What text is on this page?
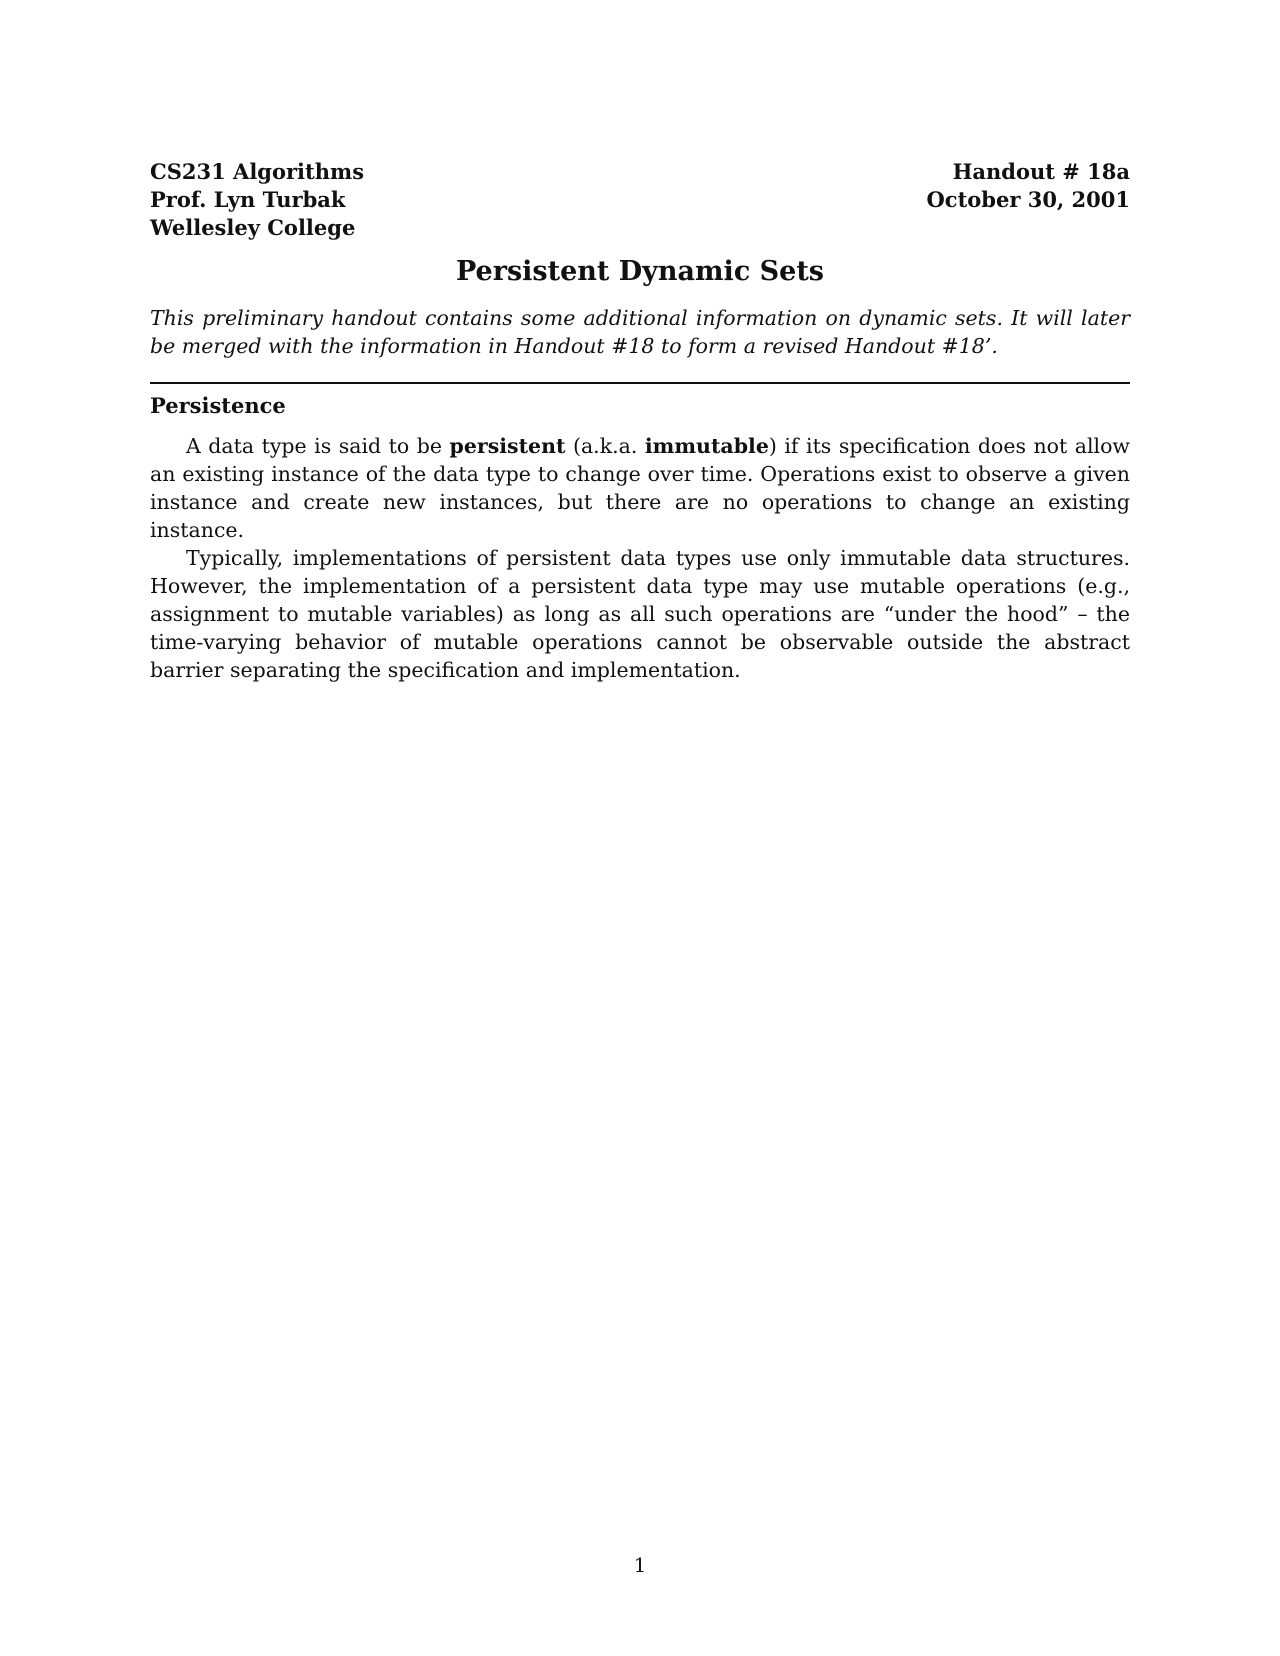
CS231 Algorithms
Prof. Lyn Turbak
Wellesley College
Handout # 18a
October 30, 2001
Persistent Dynamic Sets
This preliminary handout contains some additional information on dynamic sets. It will later be merged with the information in Handout #18 to form a revised Handout #18’.
Persistence

A data type is said to be persistent (a.k.a. immutable) if its specification does not allow an existing instance of the data type to change over time. Operations exist to observe a given instance and create new instances, but there are no operations to change an existing instance.

Typically, implementations of persistent data types use only immutable data structures. However, the implementation of a persistent data type may use mutable operations (e.g., assignment to mutable variables) as long as all such operations are “under the hood” – the time-varying behavior of mutable operations cannot be observable outside the abstract barrier separating the specification and implementation.

1
